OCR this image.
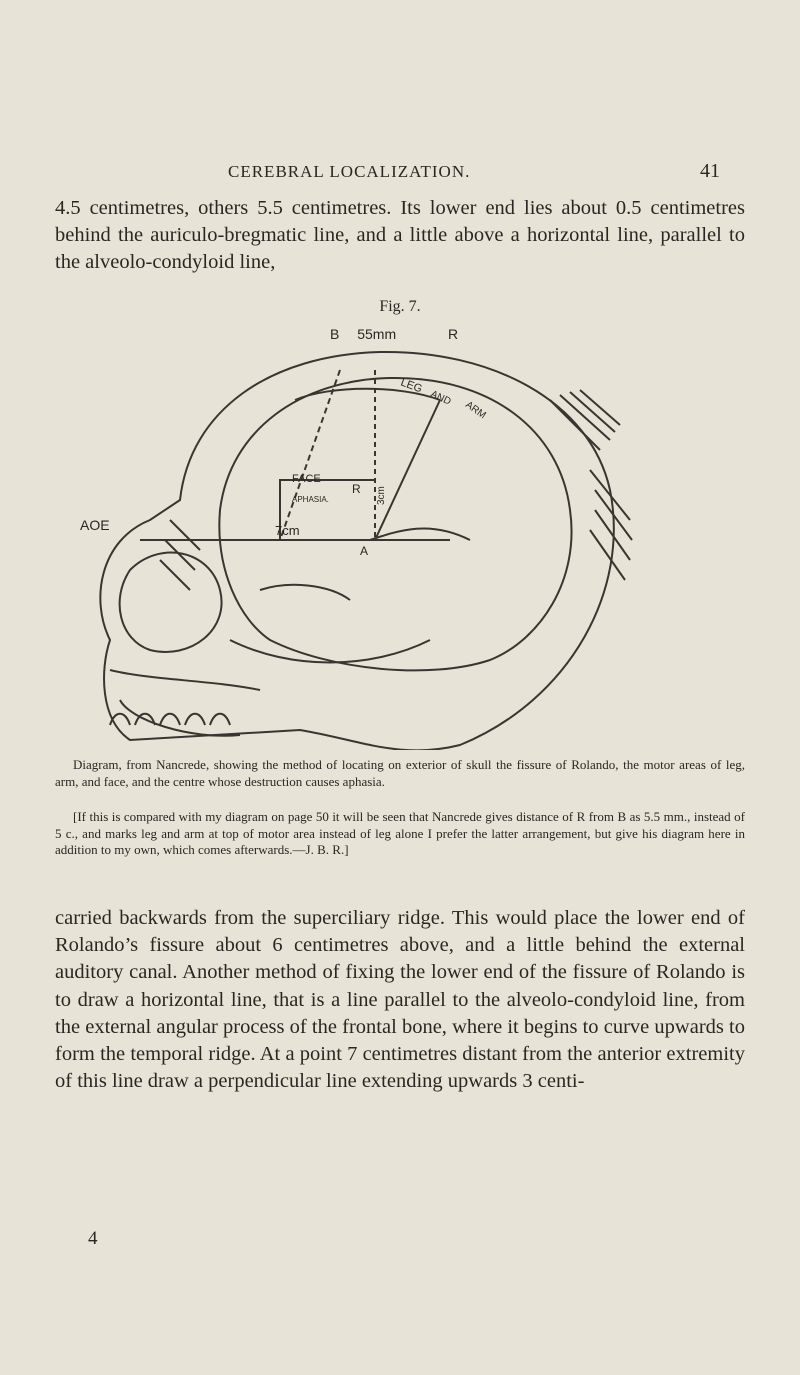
CEREBRAL LOCALIZATION.	41

4.5 centimetres, others 5.5 centimetres. Its lower end lies about 0.5 centimetres behind the auriculo-bregmatic line, and a little above a horizontal line, parallel to the alveolo-condyloid line,

Fig. 7.
B 55mm	R
AOE
FACE
R
APHASIA.
7cm
A
LEG
AND
ARM
3cm

Diagram, from Nancrede, showing the method of locating on exterior of skull the fissure of Rolando, the motor areas of leg, arm, and face, and the centre whose destruction causes aphasia.

[If this is compared with my diagram on page 50 it will be seen that Nancrede gives distance of R from B as 5.5 mm., instead of 5 c., and marks leg and arm at top of motor area instead of leg alone I prefer the latter arrangement, but give his diagram here in addition to my own, which comes afterwards.—J. B. R.]

carried backwards from the superciliary ridge. This would place the lower end of Rolando’s fissure about 6 centimetres above, and a little behind the external auditory canal. Another method of fixing the lower end of the fissure of Rolando is to draw a horizontal line, that is a line parallel to the alveolo-condyloid line, from the external angular process of the frontal bone, where it begins to curve upwards to form the temporal ridge. At a point 7 centimetres distant from the anterior extremity of this line draw a perpendicular line extending upwards 3 centi-

4
